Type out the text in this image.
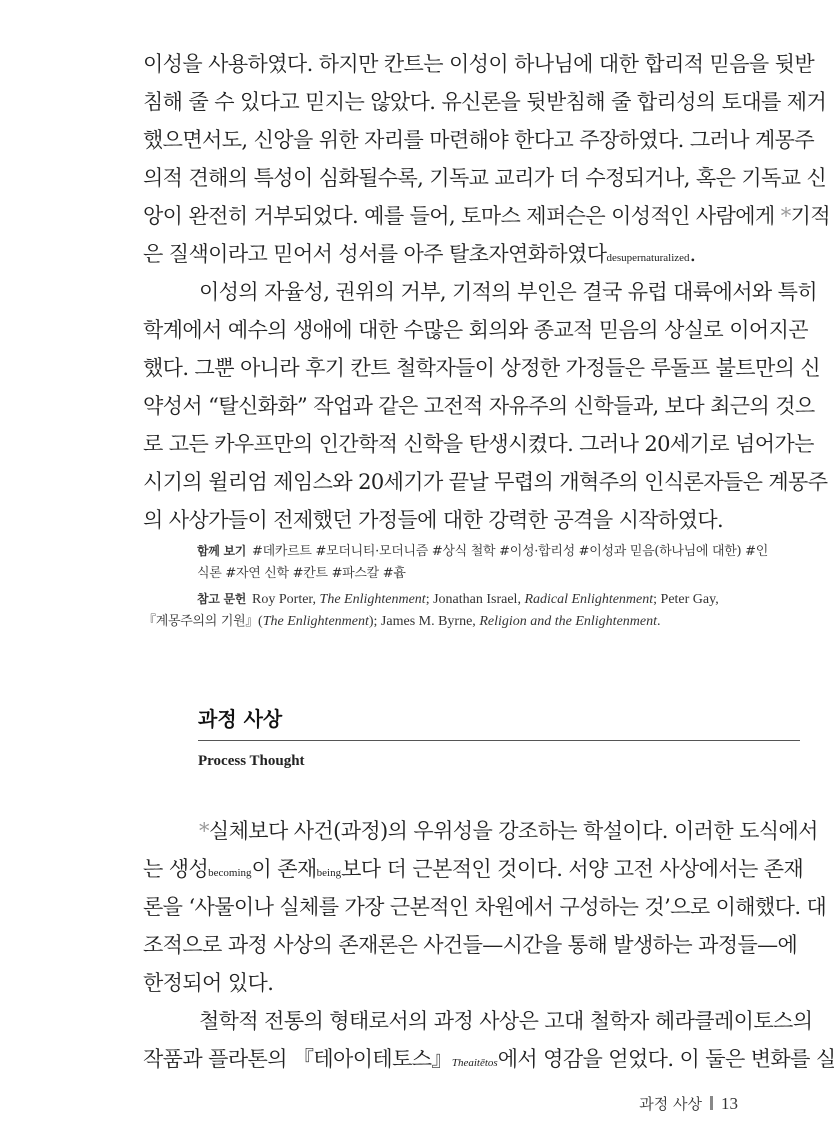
이성을 사용하였다. 하지만 칸트는 이성이 하나님에 대한 합리적 믿음을 뒷받
침해 줄 수 있다고 믿지는 않았다. 유신론을 뒷받침해 줄 합리성의 토대를 제거
했으면서도, 신앙을 위한 자리를 마련해야 한다고 주장하였다. 그러나 계몽주
의적 견해의 특성이 심화될수록, 기독교 교리가 더 수정되거나, 혹은 기독교 신
앙이 완전히 거부되었다. 예를 들어, 토마스 제퍼슨은 이성적인 사람에게 *기적
은 질색이라고 믿어서 성서를 아주 탈초자연화하였다desupernaturalized.
이성의 자율성, 권위의 거부, 기적의 부인은 결국 유럽 대륙에서와 특히
학계에서 예수의 생애에 대한 수많은 회의와 종교적 믿음의 상실로 이어지곤
했다. 그뿐 아니라 후기 칸트 철학자들이 상정한 가정들은 루돌프 불트만의 신
약성서 “탈신화화” 작업과 같은 고전적 자유주의 신학들과, 보다 최근의 것으
로 고든 카우프만의 인간학적 신학을 탄생시켰다. 그러나 20세기로 넘어가는
시기의 윌리엄 제임스와 20세기가 끝날 무렵의 개혁주의 인식론자들은 계몽주
의 사상가들이 전제했던 가정들에 대한 강력한 공격을 시작하였다.
함께 보기 #데카르트 #모더니티·모더니즘 #상식 철학 #이성·합리성 #이성과 믿음(하나님에 대한) #인
식론 #자연 신학 #칸트 #파스칼 #흄
참고 문헌 Roy Porter, The Enlightenment; Jonathan Israel, Radical Enlightenment; Peter Gay,
『계몽주의의 기원』(The Enlightenment); James M. Byrne, Religion and the Enlightenment.
과정 사상
Process Thought
*실체보다 사건(과정)의 우위성을 강조하는 학설이다. 이러한 도식에서
는 생성becoming이 존재being보다 더 근본적인 것이다. 서양 고전 사상에서는 존재
론을 ‘사물이나 실체를 가장 근본적인 차원에서 구성하는 것’으로 이해했다. 대
조적으로 과정 사상의 존재론은 사건들—시간을 통해 발생하는 과정들—에
한정되어 있다.
철학적 전통의 형태로서의 과정 사상은 고대 철학자 헤라클레이토스의
작품과 플라톤의 『테아이테토스』Theaitētos에서 영감을 얻었다. 이 둘은 변화를 실
과정 사상 13
